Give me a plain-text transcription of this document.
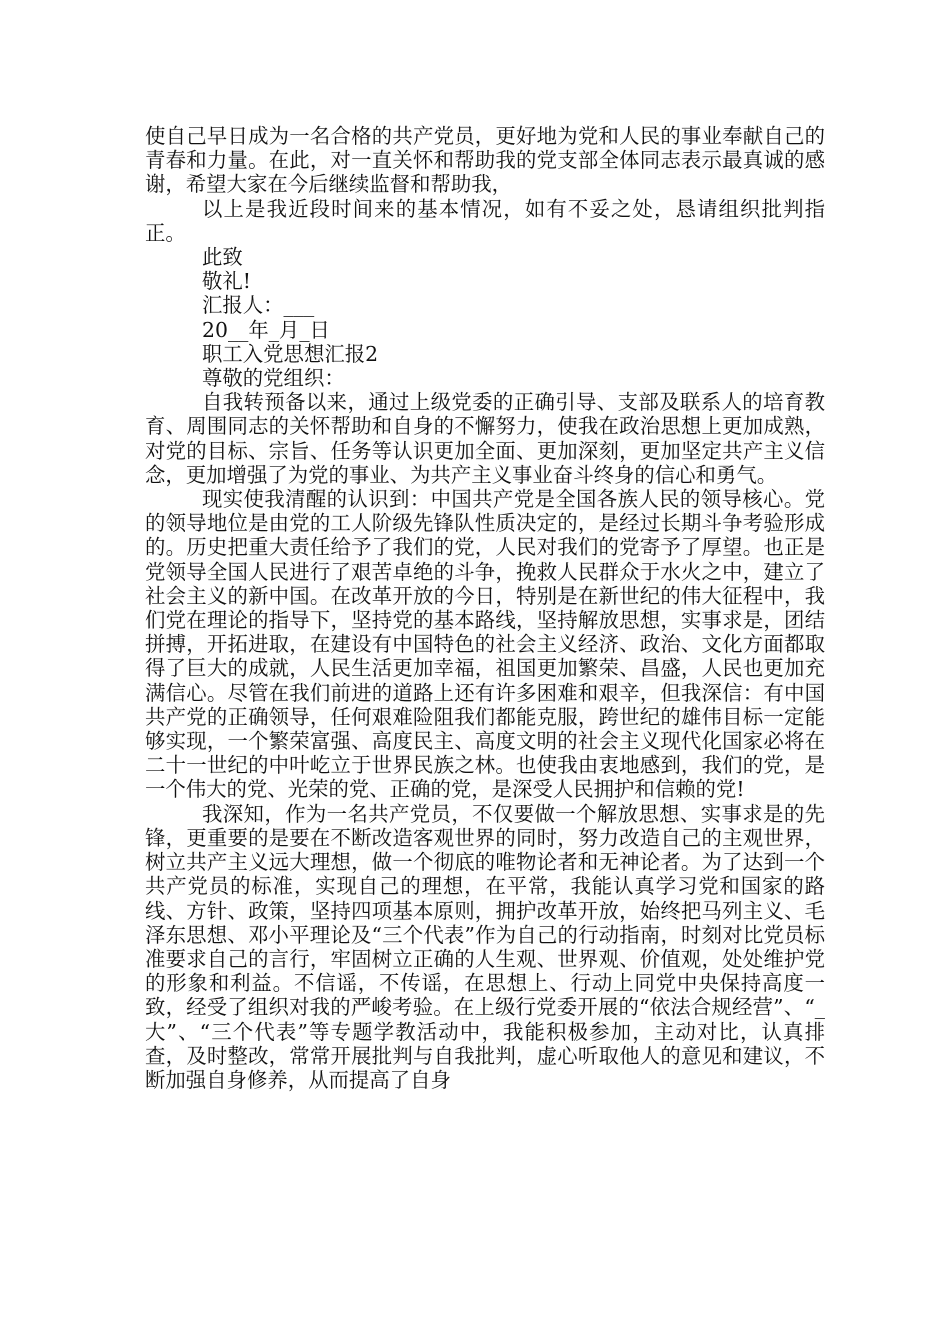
使自己早日成为一名合格的共产党员，更好地为党和人民的事业奉献自己的青春和力量。在此，对一直关怀和帮助我的党支部全体同志表示最真诚的感谢，希望大家在今后继续监督和帮助我，

以上是我近段时间来的基本情况，如有不妥之处，恳请组织批判指正。

此致

敬礼!

汇报人：___

20__年_月_日

职工入党思想汇报2

尊敬的党组织：

自我转预备以来，通过上级党委的正确引导、支部及联系人的培育教育、周围同志的关怀帮助和自身的不懈努力，使我在政治思想上更加成熟，对党的目标、宗旨、任务等认识更加全面、更加深刻，更加坚定共产主义信念，更加增强了为党的事业、为共产主义事业奋斗终身的信心和勇气。

现实使我清醒的认识到：中国共产党是全国各族人民的领导核心。党的领导地位是由党的工人阶级先锋队性质决定的，是经过长期斗争考验形成的。历史把重大责任给予了我们的党，人民对我们的党寄予了厚望。也正是党领导全国人民进行了艰苦卓绝的斗争，挽救人民群众于水火之中，建立了社会主义的新中国。在改革开放的今日，特别是在新世纪的伟大征程中，我们党在理论的指导下，坚持党的基本路线，坚持解放思想，实事求是，团结拼搏，开拓进取，在建设有中国特色的社会主义经济、政治、文化方面都取得了巨大的成就，人民生活更加幸福，祖国更加繁荣、昌盛，人民也更加充满信心。尽管在我们前进的道路上还有许多困难和艰辛，但我深信：有中国共产党的正确领导，任何艰难险阻我们都能克服，跨世纪的雄伟目标一定能够实现，一个繁荣富强、高度民主、高度文明的社会主义现代化国家必将在二十一世纪的中叶屹立于世界民族之林。也使我由衷地感到，我们的党，是一个伟大的党、光荣的党、正确的党，是深受人民拥护和信赖的党!

我深知，作为一名共产党员，不仅要做一个解放思想、实事求是的先锋，更重要的是要在不断改造客观世界的同时，努力改造自己的主观世界，树立共产主义远大理想，做一个彻底的唯物论者和无神论者。为了达到一个共产党员的标准，实现自己的理想，在平常，我能认真学习党和国家的路线、方针、政策，坚持四项基本原则，拥护改革开放，始终把马列主义、毛泽东思想、邓小平理论及“三个代表”作为自己的行动指南，时刻对比党员标准要求自己的言行，牢固树立正确的人生观、世界观、价值观，处处维护党的形象和利益。不信谣，不传谣，在思想上、行动上同党中央保持高度一致，经受了组织对我的严峻考验。在上级行党委开展的“依法合规经营”、“_大”、“三个代表”等专题学教活动中，我能积极参加，主动对比，认真排查，及时整改，常常开展批判与自我批判，虚心听取他人的意见和建议，不断加强自身修养，从而提高了自身
